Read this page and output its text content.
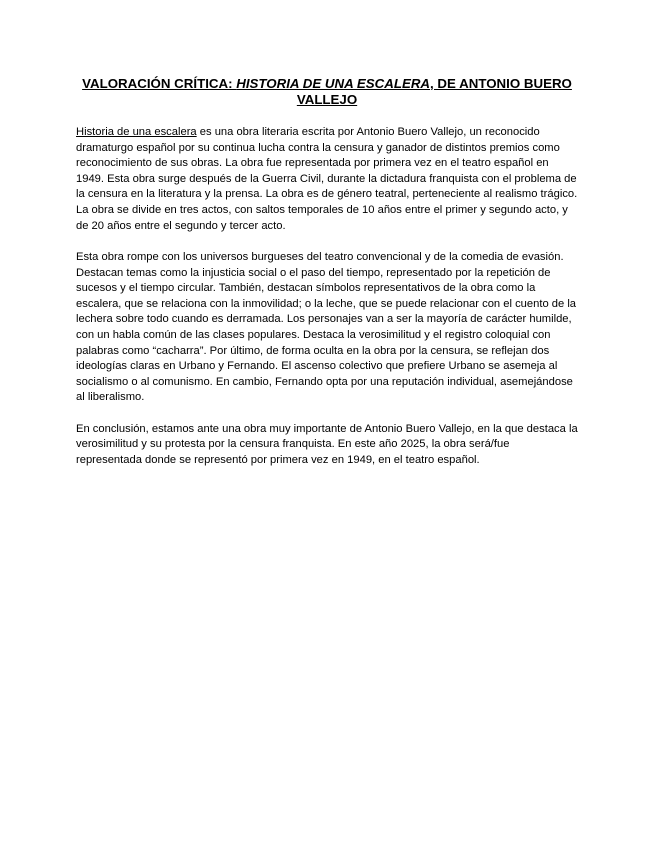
VALORACIÓN CRÍTICA: HISTORIA DE UNA ESCALERA, DE ANTONIO BUERO VALLEJO

Historia de una escalera es una obra literaria escrita por Antonio Buero Vallejo, un reconocido dramaturgo español por su continua lucha contra la censura y ganador de distintos premios como reconocimiento de sus obras. La obra fue representada por primera vez en el teatro español en 1949. Esta obra surge después de la Guerra Civil, durante la dictadura franquista con el problema de la censura en la literatura y la prensa. La obra es de género teatral, perteneciente al realismo trágico. La obra se divide en tres actos, con saltos temporales de 10 años entre el primer y segundo acto, y de 20 años entre el segundo y tercer acto.

Esta obra rompe con los universos burgueses del teatro convencional y de la comedia de evasión. Destacan temas como la injusticia social o el paso del tiempo, representado por la repetición de sucesos y el tiempo circular. También, destacan símbolos representativos de la obra como la escalera, que se relaciona con la inmovilidad; o la leche, que se puede relacionar con el cuento de la lechera sobre todo cuando es derramada. Los personajes van a ser la mayoría de carácter humilde, con un habla común de las clases populares. Destaca la verosimilitud y el registro coloquial con palabras como “cacharra”. Por último, de forma oculta en la obra por la censura, se reflejan dos ideologías claras en Urbano y Fernando. El ascenso colectivo que prefiere Urbano se asemeja al socialismo o al comunismo. En cambio, Fernando opta por una reputación individual, asemejándose al liberalismo.

En conclusión, estamos ante una obra muy importante de Antonio Buero Vallejo, en la que destaca la verosimilitud y su protesta por la censura franquista. En este año 2025, la obra será/fue representada donde se representó por primera vez en 1949, en el teatro español.
